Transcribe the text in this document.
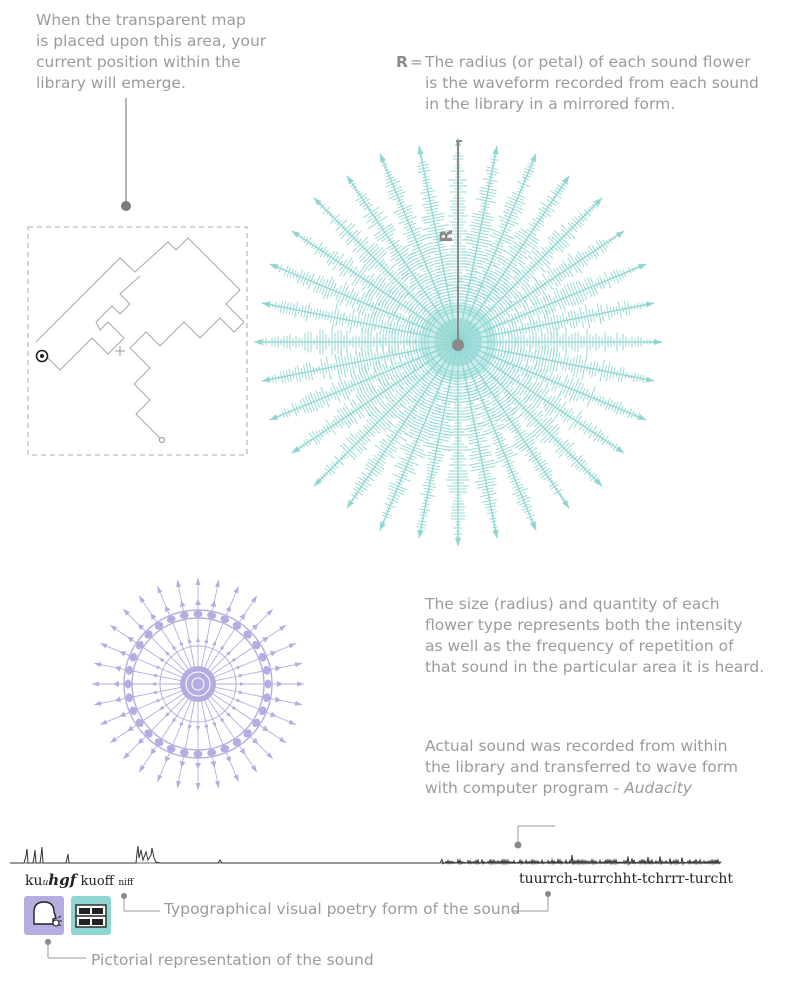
When the transparent map
is placed upon this area, your
current position within the
library will emerge.
R = The radius (or petal) of each sound flower
is the waveform recorded from each sound
in the library in a mirrored form.
The size (radius) and quantity of each
flower type represents both the intensity
as well as the frequency of repetition of
that sound in the particular area it is heard.
Actual sound was recorded from within
the library and transferred to wave form
with computer program - Audacity
R
kuuhgf kuoff niff	tuurrch-turrchht-tchrrr-turcht
Typographical visual poetry form of the sound
Pictorial representation of the sound
